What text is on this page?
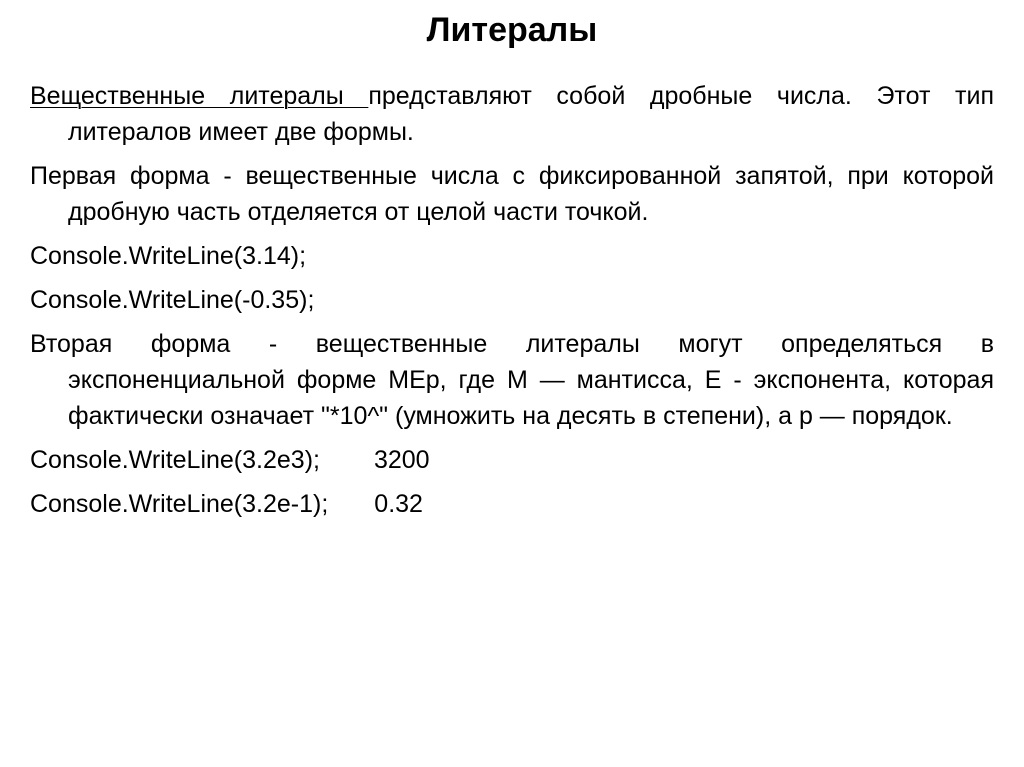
Литералы

Вещественные литералы представляют собой дробные числа. Этот тип литералов имеет две формы.

Первая форма - вещественные числа с фиксированной запятой, при которой дробную часть отделяется от целой части точкой.

Console.WriteLine(3.14);

Console.WriteLine(-0.35);

Вторая форма - вещественные литералы могут определяться в экспоненциальной форме MEp, где M — мантисса, E - экспонента, которая фактически означает "*10^" (умножить на десять в степени), а p — порядок.

Console.WriteLine(3.2e3); 3200

Console.WriteLine(3.2e-1); 0.32
